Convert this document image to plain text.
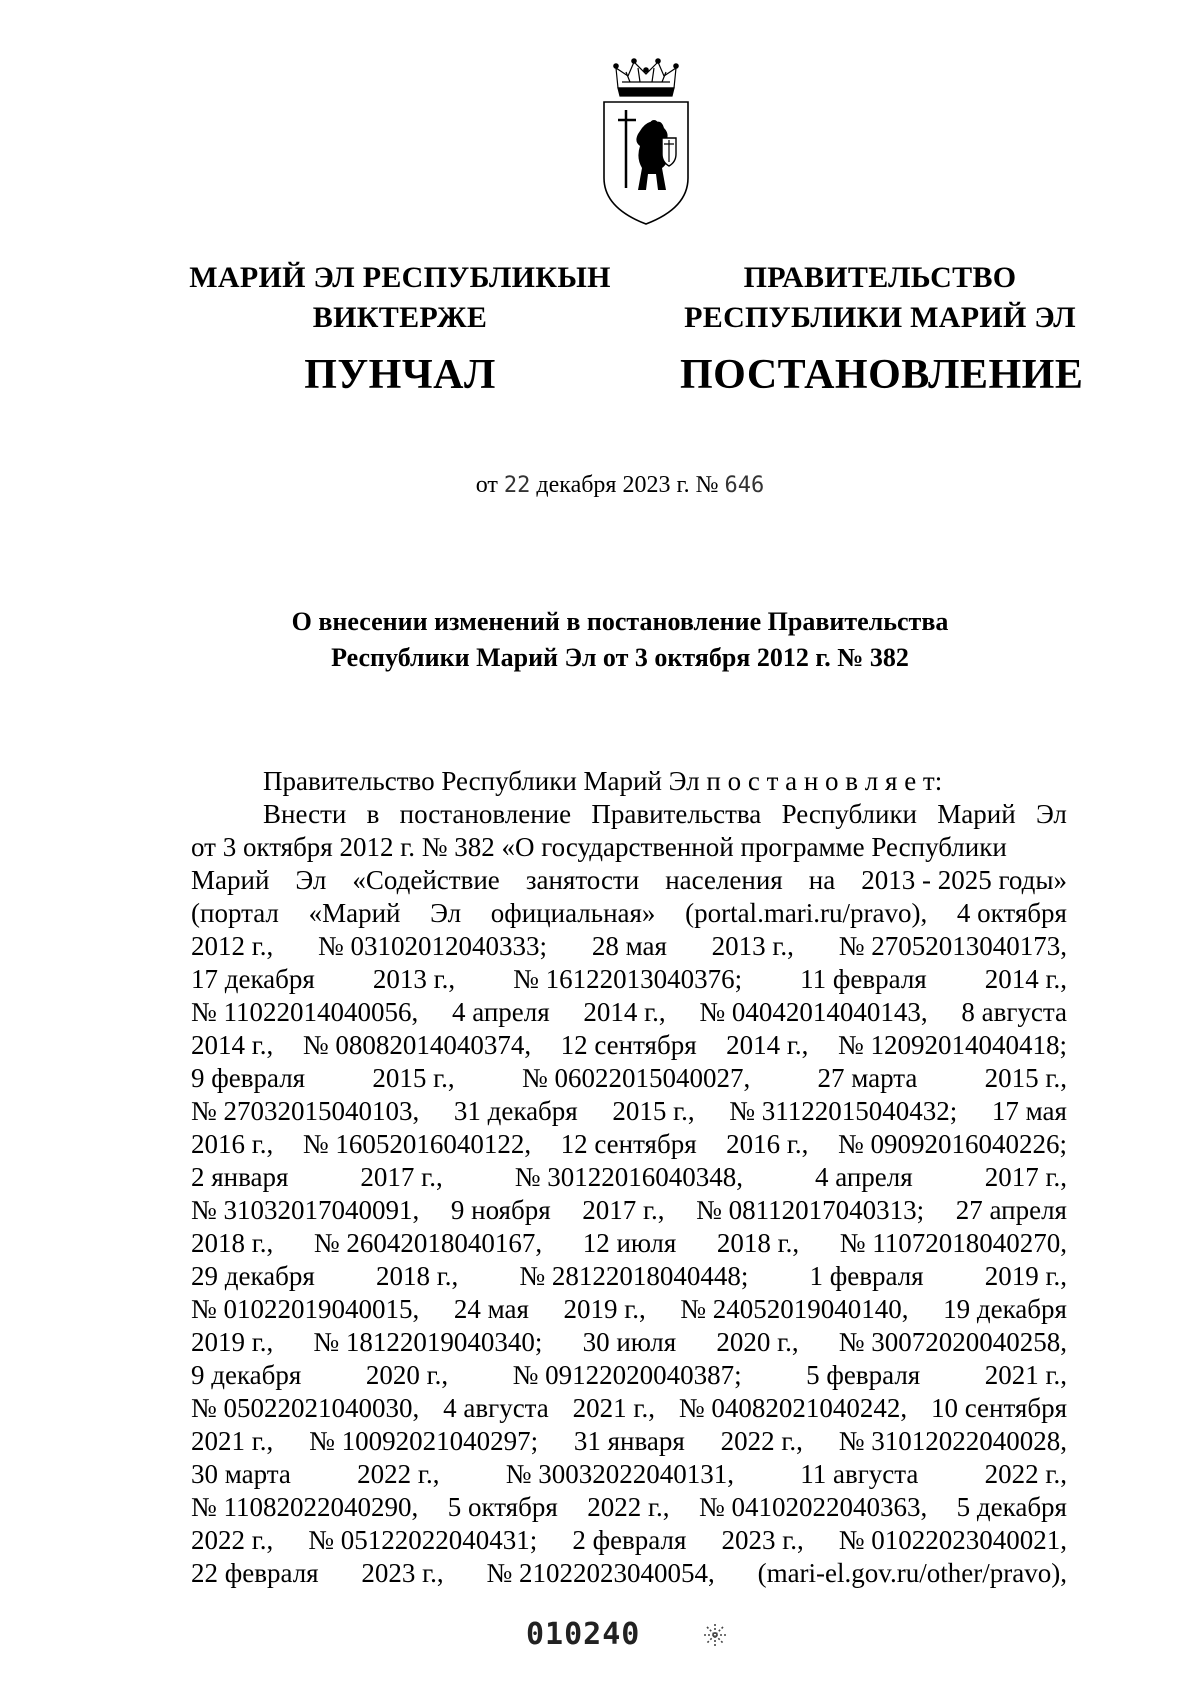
МАРИЙ ЭЛ РЕСПУБЛИКЫН
ВИКТЕРЖЕ
ПУНЧАЛ
ПРАВИТЕЛЬСТВО
РЕСПУБЛИКИ МАРИЙ ЭЛ
ПОСТАНОВЛЕНИЕ
от 22 декабря 2023 г. № 646
О внесении изменений в постановление Правительства
Республики Марий Эл от 3 октября 2012 г. № 382
Правительство Республики Марий Эл
п о с т а н о в л я е т:
Внести в постановление Правительства Республики Марий Эл
от 3 октября 2012 г. № 382 «О государственной программе Республики
Марий Эл «Содействие занятости населения на 2013 - 2025 годы»
(портал «Марий Эл официальная» (portal.mari.ru/pravo), 4 октября
2012 г., № 03102012040333; 28 мая 2013 г., № 27052013040173,
17 декабря 2013 г., № 16122013040376; 11 февраля 2014 г.,
№ 11022014040056, 4 апреля 2014 г., № 04042014040143, 8 августа
2014 г., № 08082014040374, 12 сентября 2014 г., № 12092014040418;
9 февраля 2015 г., № 06022015040027, 27 марта 2015 г.,
№ 27032015040103, 31 декабря 2015 г., № 31122015040432; 17 мая
2016 г., № 16052016040122, 12 сентября 2016 г., № 09092016040226;
2 января	2017 г.,	№ 30122016040348,	4 апреля	2017 г.,
№ 31032017040091, 9 ноября 2017 г., № 08112017040313; 27 апреля
2018 г., № 26042018040167, 12 июля 2018 г., № 11072018040270,
29 декабря 2018 г., № 28122018040448; 1 февраля 2019 г.,
№ 01022019040015, 24 мая 2019 г., № 24052019040140, 19 декабря
2019 г., № 18122019040340; 30 июля 2020 г., № 30072020040258,
9 декабря 2020 г., № 09122020040387; 5 февраля 2021 г.,
№ 05022021040030, 4 августа 2021 г., № 04082021040242, 10 сентября
2021 г., № 10092021040297; 31 января 2022 г., № 31012022040028,
30 марта 2022 г., № 30032022040131, 11 августа 2022 г.,
№ 11082022040290, 5 октября 2022 г., № 04102022040363, 5 декабря
2022 г., № 05122022040431; 2 февраля 2023 г., № 01022023040021,
22 февраля 2023 г., № 21022023040054, (mari-el.gov.ru/other/pravo),
010240
